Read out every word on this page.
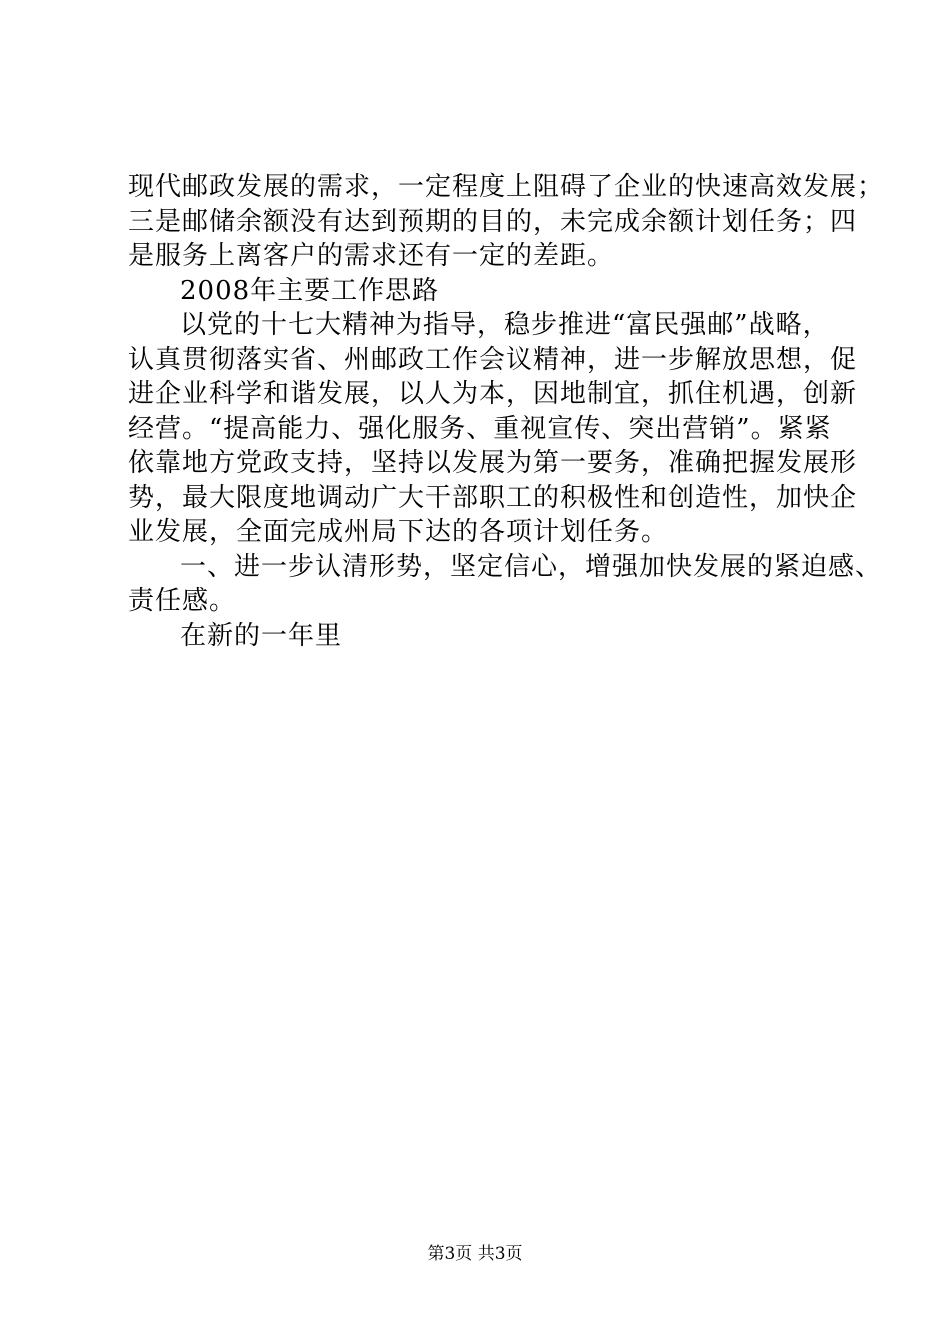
现代邮政发展的需求，一定程度上阻碍了企业的快速高效发展；
三是邮储余额没有达到预期的目的，未完成余额计划任务；四
是服务上离客户的需求还有一定的差距。
2008年主要工作思路
以党的十七大精神为指导，稳步推进“富民强邮”战略，
认真贯彻落实省、州邮政工作会议精神，进一步解放思想，促
进企业科学和谐发展，以人为本，因地制宜，抓住机遇，创新
经营。“提高能力、强化服务、重视宣传、突出营销”。紧紧
依靠地方党政支持，坚持以发展为第一要务，准确把握发展形
势，最大限度地调动广大干部职工的积极性和创造性，加快企
业发展，全面完成州局下达的各项计划任务。
一、进一步认清形势，坚定信心，增强加快发展的紧迫感、
责任感。
在新的一年里
第3页 共3页
